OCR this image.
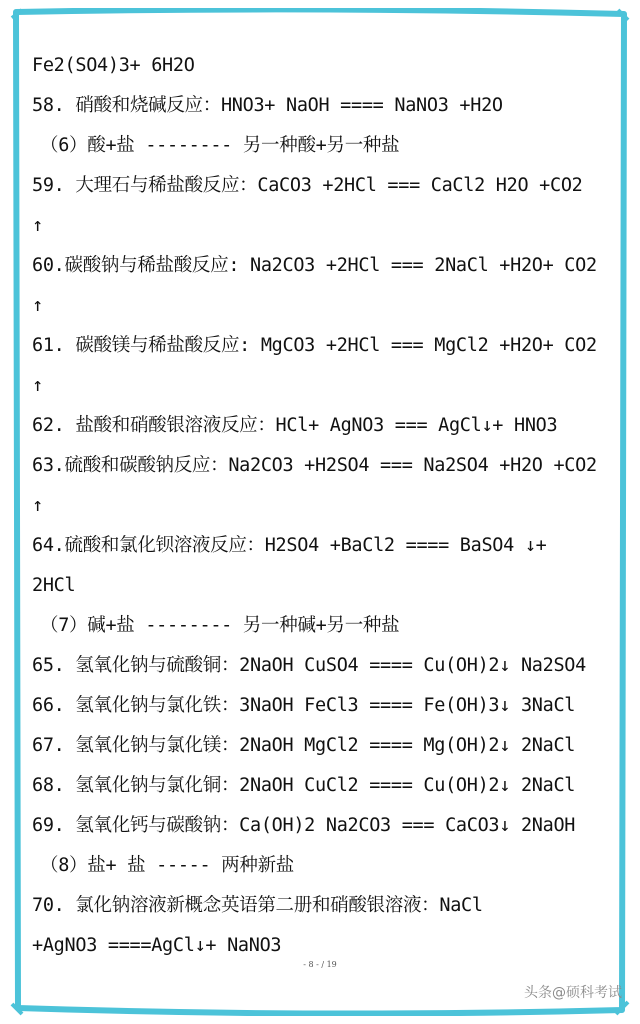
Fe2(SO4)3+ 6H2O
58. 硝酸和烧碱反应：HNO3+ NaOH ==== NaNO3 +H2O
（6）酸+盐 -------- 另一种酸+另一种盐
59. 大理石与稀盐酸反应：CaCO3 +2HCl === CaCl2 H2O +CO2
↑
60.碳酸钠与稀盐酸反应: Na2CO3 +2HCl === 2NaCl +H2O+ CO2
↑
61. 碳酸镁与稀盐酸反应: MgCO3 +2HCl === MgCl2 +H2O+ CO2
↑
62. 盐酸和硝酸银溶液反应：HCl+ AgNO3 === AgCl↓+ HNO3
63.硫酸和碳酸钠反应：Na2CO3 +H2SO4 === Na2SO4 +H2O +CO2
↑
64.硫酸和氯化钡溶液反应：H2SO4 +BaCl2 ==== BaSO4 ↓+
2HCl
（7）碱+盐 -------- 另一种碱+另一种盐
65. 氢氧化钠与硫酸铜：2NaOH CuSO4 ==== Cu(OH)2↓ Na2SO4
66. 氢氧化钠与氯化铁：3NaOH FeCl3 ==== Fe(OH)3↓ 3NaCl
67. 氢氧化钠与氯化镁：2NaOH MgCl2 ==== Mg(OH)2↓ 2NaCl
68. 氢氧化钠与氯化铜：2NaOH CuCl2 ==== Cu(OH)2↓ 2NaCl
69. 氢氧化钙与碳酸钠：Ca(OH)2 Na2CO3 === CaCO3↓ 2NaOH
（8）盐+ 盐 ----- 两种新盐
70. 氯化钠溶液新概念英语第二册和硝酸银溶液：NaCl
+AgNO3 ====AgCl↓+ NaNO3
- 8 - / 19
头条@硕科考试
